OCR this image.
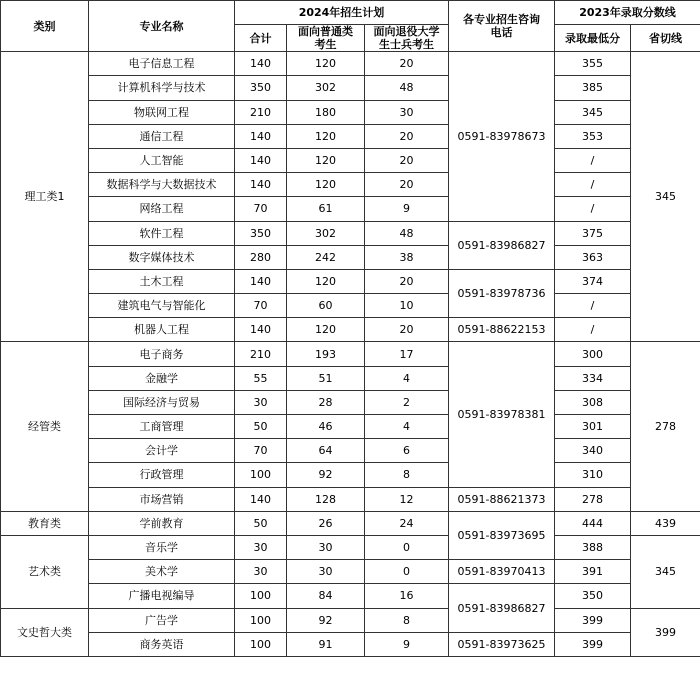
类别	专业名称	2024年招生计划			各专业招生咨询电话	2023年录取分数线	
		合计	面向普通类考生	面向退役大学生士兵考生		录取最低分	省切线
理工类1	电子信息工程	140	120	20	0591-83978673	355	345
	计算机科学与技术	350	302	48		385	
	物联网工程	210	180	30		345	
	通信工程	140	120	20		353	
	人工智能	140	120	20		/	
	数据科学与大数据技术	140	120	20		/	
	网络工程	70	61	9		/	
	软件工程	350	302	48	0591-83986827	375	
	数字媒体技术	280	242	38		363	
	土木工程	140	120	20	0591-83978736	374	
	建筑电气与智能化	70	60	10		/	
	机器人工程	140	120	20	0591-88622153	/	
经管类	电子商务	210	193	17	0591-83978381	300	278
	金融学	55	51	4		334	
	国际经济与贸易	30	28	2		308	
	工商管理	50	46	4		301	
	会计学	70	64	6		340	
	行政管理	100	92	8		310	
	市场营销	140	128	12	0591-88621373	278	
教育类	学前教育	50	26	24	0591-83973695	444	439
艺术类	音乐学	30	30	0		388	345
	美术学	30	30	0	0591-83970413	391	
	广播电视编导	100	84	16	0591-83986827	350	
文史哲大类	广告学	100	92	8		399	399
	商务英语	100	91	9	0591-83973625	399	
